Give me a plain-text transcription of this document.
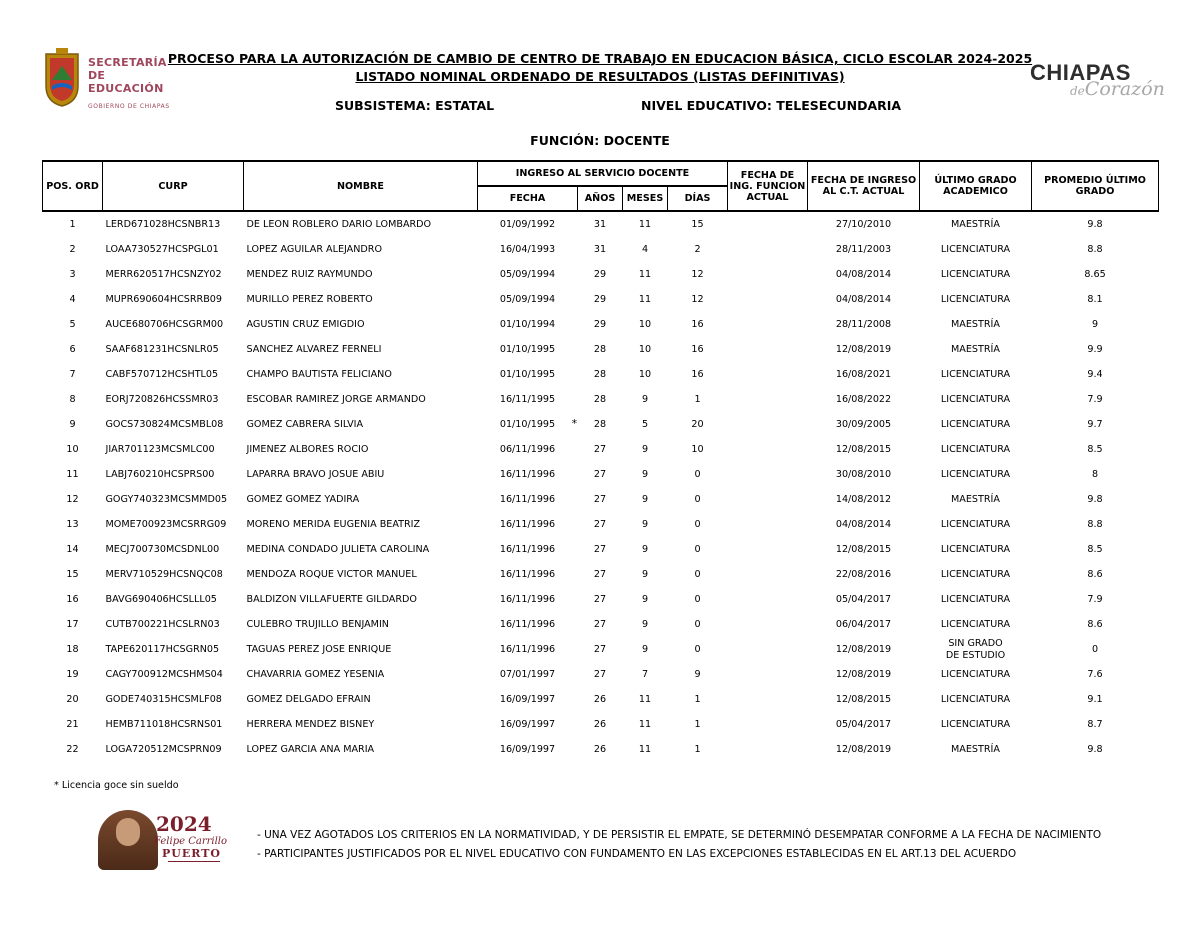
SECRETARÍA
DE EDUCACIÓN
GOBIERNO DE CHIAPAS
CHIAPAS
deCorazón
PROCESO PARA LA AUTORIZACIÓN DE CAMBIO DE CENTRO DE TRABAJO EN EDUCACION BÁSICA, CICLO ESCOLAR 2024-2025
LISTADO NOMINAL ORDENADO DE RESULTADOS (LISTAS DEFINITIVAS)
SUBSISTEMA: ESTATAL	NIVEL EDUCATIVO: TELESECUNDARIA
FUNCIÓN: DOCENTE
POS. ORD	CURP	NOMBRE	INGRESO AL SERVICIO DOCENTE				FECHA DE ING. FUNCION ACTUAL	FECHA DE INGRESO AL C.T. ACTUAL	ÚLTIMO GRADO ACADEMICO	PROMEDIO ÚLTIMO GRADO
			FECHA	AÑOS	MESES	DÍAS				
1	LERD671028HCSNBR13	DE LEON ROBLERO DARIO LOMBARDO	01/09/1992	31	11	15		27/10/2010	MAESTRÍA	9.8
2	LOAA730527HCSPGL01	LOPEZ AGUILAR ALEJANDRO	16/04/1993	31	4	2		28/11/2003	LICENCIATURA	8.8
3	MERR620517HCSNZY02	MENDEZ RUIZ RAYMUNDO	05/09/1994	29	11	12		04/08/2014	LICENCIATURA	8.65
4	MUPR690604HCSRRB09	MURILLO PEREZ ROBERTO	05/09/1994	29	11	12		04/08/2014	LICENCIATURA	8.1
5	AUCE680706HCSGRM00	AGUSTIN CRUZ EMIGDIO	01/10/1994	29	10	16		28/11/2008	MAESTRÍA	9
6	SAAF681231HCSNLR05	SANCHEZ ALVAREZ FERNELI	01/10/1995	28	10	16		12/08/2019	MAESTRÍA	9.9
7	CABF570712HCSHTL05	CHAMPO BAUTISTA FELICIANO	01/10/1995	28	10	16		16/08/2021	LICENCIATURA	9.4
8	EORJ720826HCSSMR03	ESCOBAR RAMIREZ JORGE ARMANDO	16/11/1995	28	9	1		16/08/2022	LICENCIATURA	7.9
9	GOCS730824MCSMBL08	GOMEZ CABRERA SILVIA	01/10/1995 *	28	5	20		30/09/2005	LICENCIATURA	9.7
10	JIAR701123MCSMLC00	JIMENEZ ALBORES ROCIO	06/11/1996	27	9	10		12/08/2015	LICENCIATURA	8.5
11	LABJ760210HCSPRS00	LAPARRA BRAVO JOSUE ABIU	16/11/1996	27	9	0		30/08/2010	LICENCIATURA	8
12	GOGY740323MCSMMD05	GOMEZ GOMEZ YADIRA	16/11/1996	27	9	0		14/08/2012	MAESTRÍA	9.8
13	MOME700923MCSRRG09	MORENO MERIDA EUGENIA BEATRIZ	16/11/1996	27	9	0		04/08/2014	LICENCIATURA	8.8
14	MECJ700730MCSDNL00	MEDINA CONDADO JULIETA CAROLINA	16/11/1996	27	9	0		12/08/2015	LICENCIATURA	8.5
15	MERV710529HCSNQC08	MENDOZA ROQUE VICTOR MANUEL	16/11/1996	27	9	0		22/08/2016	LICENCIATURA	8.6
16	BAVG690406HCSLLL05	BALDIZON VILLAFUERTE GILDARDO	16/11/1996	27	9	0		05/04/2017	LICENCIATURA	7.9
17	CUTB700221HCSLRN03	CULEBRO TRUJILLO BENJAMIN	16/11/1996	27	9	0		06/04/2017	LICENCIATURA	8.6
18	TAPE620117HCSGRN05	TAGUAS PEREZ JOSE ENRIQUE	16/11/1996	27	9	0		12/08/2019	SIN GRADO DE ESTUDIO	0
19	CAGY700912MCSHMS04	CHAVARRIA GOMEZ YESENIA	07/01/1997	27	7	9		12/08/2019	LICENCIATURA	7.6
20	GODE740315HCSMLF08	GOMEZ DELGADO EFRAIN	16/09/1997	26	11	1		12/08/2015	LICENCIATURA	9.1
21	HEMB711018HCSRNS01	HERRERA MENDEZ BISNEY	16/09/1997	26	11	1		05/04/2017	LICENCIATURA	8.7
22	LOGA720512MCSPRN09	LOPEZ GARCIA ANA MARIA	16/09/1997	26	11	1		12/08/2019	MAESTRÍA	9.8
* Licencia goce sin sueldo
2024
Felipe Carrillo
PUERTO
- UNA VEZ AGOTADOS LOS CRITERIOS EN LA NORMATIVIDAD, Y DE PERSISTIR EL EMPATE, SE DETERMINÓ DESEMPATAR CONFORME A LA FECHA DE NACIMIENTO
- PARTICIPANTES JUSTIFICADOS POR EL NIVEL EDUCATIVO CON FUNDAMENTO EN LAS EXCEPCIONES ESTABLECIDAS EN EL ART.13 DEL ACUERDO
